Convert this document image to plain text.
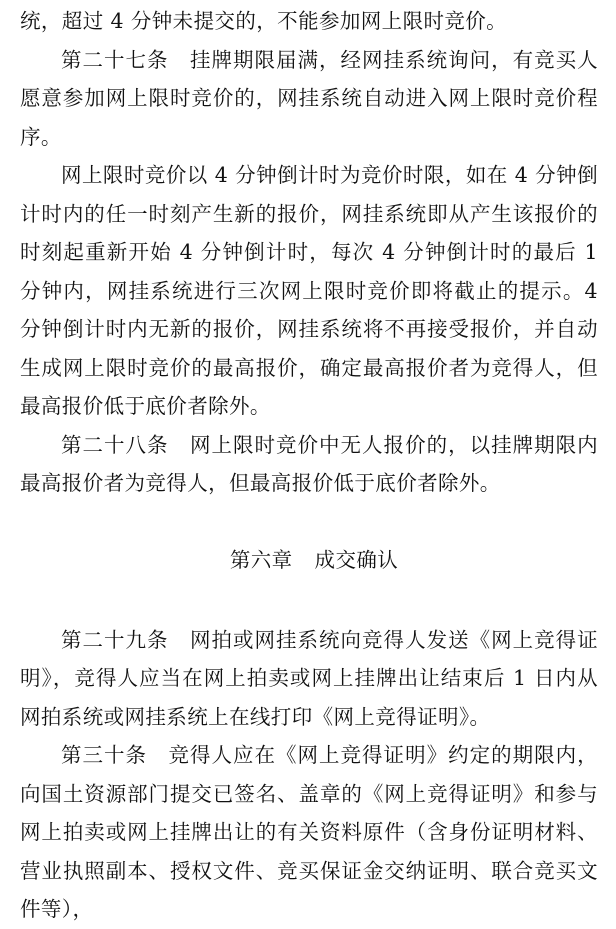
统，超过 4 分钟未提交的，不能参加网上限时竞价。

第二十七条　挂牌期限届满，经网挂系统询问，有竞买人愿意参加网上限时竞价的，网挂系统自动进入网上限时竞价程序。

网上限时竞价以 4 分钟倒计时为竞价时限，如在 4 分钟倒计时内的任一时刻产生新的报价，网挂系统即从产生该报价的时刻起重新开始 4 分钟倒计时，每次 4 分钟倒计时的最后 1 分钟内，网挂系统进行三次网上限时竞价即将截止的提示。4 分钟倒计时内无新的报价，网挂系统将不再接受报价，并自动生成网上限时竞价的最高报价，确定最高报价者为竞得人，但最高报价低于底价者除外。

第二十八条　网上限时竞价中无人报价的，以挂牌期限内最高报价者为竞得人，但最高报价低于底价者除外。

第六章 成交确认

第二十九条　网拍或网挂系统向竞得人发送《网上竞得证明》，竞得人应当在网上拍卖或网上挂牌出让结束后 1 日内从网拍系统或网挂系统上在线打印《网上竞得证明》。

第三十条　竞得人应在《网上竞得证明》约定的期限内，向国土资源部门提交已签名、盖章的《网上竞得证明》和参与网上拍卖或网上挂牌出让的有关资料原件（含身份证明材料、营业执照副本、授权文件、竞买保证金交纳证明、联合竞买文件等），
